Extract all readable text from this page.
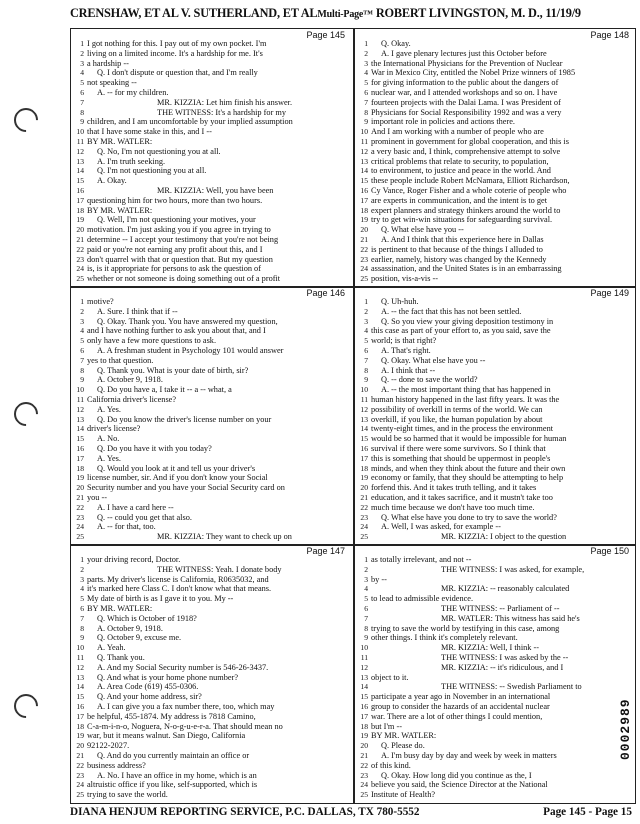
CRENSHAW, ET AL V. SUTHERLAND, ET ALMulti-Page™ ROBERT LIVINGSTON, M. D., 11/19/9
Page 145
1 I got nothing for this. I pay out of my own pocket. I'm
2 living on a limited income. It's a hardship for me. It's
3 a hardship --
4	Q. I don't dispute or question that, and I'm really
5 not speaking --
6	A. -- for my children.
7	MR. KIZZIA: Let him finish his answer.
8	THE WITNESS: It's a hardship for my
9 children, and I am uncomfortable by your implied assumption
10 that I have some stake in this, and I --
11 BY MR. WATLER:
12	Q. No, I'm not questioning you at all.
13	A. I'm truth seeking.
14	Q. I'm not questioning you at all.
15	A. Okay.
16	MR. KIZZIA: Well, you have been
17 questioning him for two hours, more than two hours.
18 BY MR. WATLER:
19	Q. Well, I'm not questioning your motives, your
20 motivation. I'm just asking you if you agree in trying to
21 determine -- I accept your testimony that you're not being
22 paid or you're not earning any profit about this, and I
23 don't quarrel with that or question that. But my question
24 is, is it appropriate for persons to ask the question of
25 whether or not someone is doing something out of a profit
Page 148
1	Q. Okay.
2	A. I gave plenary lectures just this October before
3 the International Physicians for the Prevention of Nuclear
4 War in Mexico City, entitled the Nobel Prize winners of 1985
5 for giving information to the public about the dangers of
6 nuclear war, and I attended workshops and so on. I have
7 fourteen projects with the Dalai Lama. I was President of
8 Physicians for Social Responsibility 1992 and was a very
9 important role in policies and actions there.
10 And I am working with a number of people who are
11 prominent in government for global cooperation, and this is
12 a very basic and, I think, comprehensive attempt to solve
13 critical problems that relate to security, to population,
14 to environment, to justice and peace in the world. And
15 these people include Robert McNamara, Elliott Richardson,
16 Cy Vance, Roger Fisher and a whole coterie of people who
17 are experts in communication, and the intent is to get
18 expert planners and strategy thinkers around the world to
19 try to get win-win situations for safeguarding survival.
20	Q. What else have you --
21	A. And I think that this experience here in Dallas
22 is pertinent to that because of the things I alluded to
23 earlier, namely, history was changed by the Kennedy
24 assassination, and the United States is in an embarrassing
25 position, vis-a-vis --
Page 146
1 motive?
2	A. Sure. I think that if --
3	Q. Okay. Thank you. You have answered my question,
4 and I have nothing further to ask you about that, and I
5 only have a few more questions to ask.
6	A. A freshman student in Psychology 101 would answer
7 yes to that question.
8	Q. Thank you. What is your date of birth, sir?
9	A. October 9, 1918.
10	Q. Do you have a, I take it -- a -- what, a
11 California driver's license?
12	A. Yes.
13	Q. Do you know the driver's license number on your
14 driver's license?
15	A. No.
16	Q. Do you have it with you today?
17	A. Yes.
18	Q. Would you look at it and tell us your driver's
19 license number, sir. And if you don't know your Social
20 Security number and you have your Social Security card on
21 you --
22	A. I have a card here --
23	Q. -- could you get that also.
24	A. -- for that, too.
25	MR. KIZZIA: They want to check up on
Page 149
1	Q. Uh-huh.
2	A. -- the fact that this has not been settled.
3	Q. So you view your giving deposition testimony in
4 this case as part of your effort to, as you said, save the
5 world; is that right?
6	A. That's right.
7	Q. Okay. What else have you --
8	A. I think that --
9	Q. -- done to save the world?
10	A. -- the most important thing that has happened in
11 human history happened in the last fifty years. It was the
12 possibility of overkill in terms of the world. We can
13 overkill, if you like, the human population by about
14 twenty-eight times, and in the process the environment
15 would be so harmed that it would be impossible for human
16 survival if there were some survivors. So I think that
17 this is something that should be uppermost in people's
18 minds, and when they think about the future and their own
19 economy or family, that they should be attempting to help
20 forfend this. And it takes truth telling, and it takes
21 education, and it takes sacrifice, and it mustn't take too
22 much time because we don't have too much time.
23	Q. What else have you done to try to save the world?
24	A. Well, I was asked, for example --
25	MR. KIZZIA: I object to the question
Page 147
1 your driving record, Doctor.
2	THE WITNESS: Yeah. I donate body
3 parts. My driver's license is California, R0635032, and
4 it's marked here Class C. I don't know what that means.
5 My date of birth is as I gave it to you. My --
6 BY MR. WATLER:
7	Q. Which is October of 1918?
8	A. October 9, 1918.
9	Q. October 9, excuse me.
10	A. Yeah.
11	Q. Thank you.
12	A. And my Social Security number is 546-26-3437.
13	Q. And what is your home phone number?
14	A. Area Code (619) 455-0306.
15	Q. And your home address, sir?
16	A. I can give you a fax number there, too, which may
17 be helpful, 455-1874. My address is 7818 Camino,
18 C-a-m-i-n-o, Noguera, N-o-g-u-e-r-a. That should mean no
19 war, but it means walnut. San Diego, California
20 92122-2027.
21	Q. And do you currently maintain an office or
22 business address?
23	A. No. I have an office in my home, which is an
24 altruistic office if you like, self-supported, which is
25 trying to save the world.
Page 150
1 as totally irrelevant, and not --
2	THE WITNESS: I was asked, for example,
3 by --
4	MR. KIZZIA: -- reasonably calculated
5 to lead to admissible evidence.
6	THE WITNESS: -- Parliament of --
7	MR. WATLER: This witness has said he's
8 trying to save the world by testifying in this case, among
9 other things. I think it's completely relevant.
10	MR. KIZZIA: Well, I think --
11	THE WITNESS: I was asked by the --
12	MR. KIZZIA: -- it's ridiculous, and I
13 object to it.
14	THE WITNESS: -- Swedish Parliament to
15 participate a year ago in November in an international
16 group to consider the hazards of an accidental nuclear
17 war. There are a lot of other things I could mention,
18 but I'm --
19 BY MR. WATLER:
20	Q. Please do.
21	A. I'm busy day by day and week by week in matters
22 of this kind.
23	Q. Okay. How long did you continue as the, I
24 believe you said, the Science Director at the National
25 Institute of Health?
DIANA HENJUM REPORTING SERVICE, P.C. DALLAS, TX 780-5552	Page 145 - Page 15
0002989
